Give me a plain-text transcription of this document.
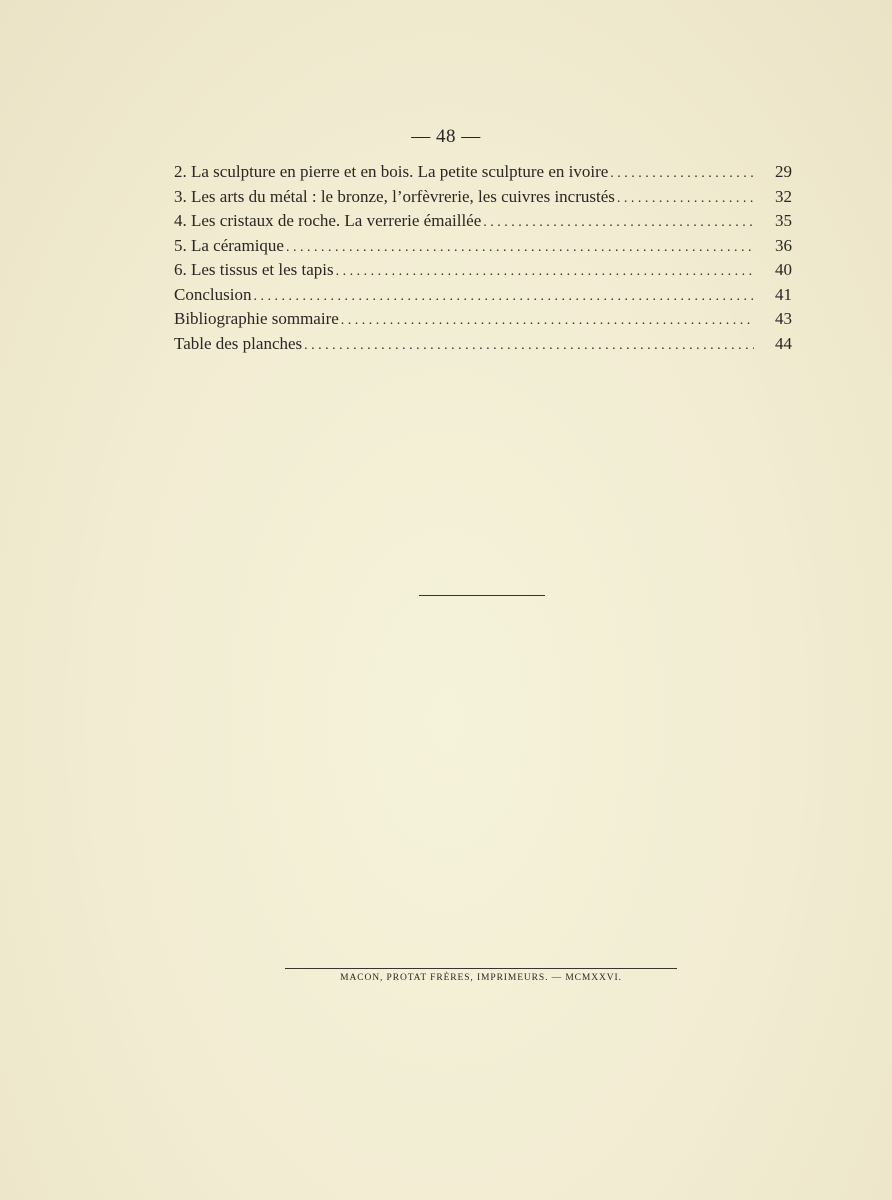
— 48 —
2. La sculpture en pierre et en bois. La petite sculpture en ivoire . . .	29
3. Les arts du métal : le bronze, l’orfèvrerie, les cuivres incrustés . . .	32
4. Les cristaux de roche. La verrerie émaillée . . .	35
5. La céramique . . .	36
6. Les tissus et les tapis . . .	40
Conclusion . . .	41
Bibliographie sommaire . . .	43
Table des planches . . .	44
MACON, PROTAT FRÈRES, IMPRIMEURS. — MCMXXVI.
